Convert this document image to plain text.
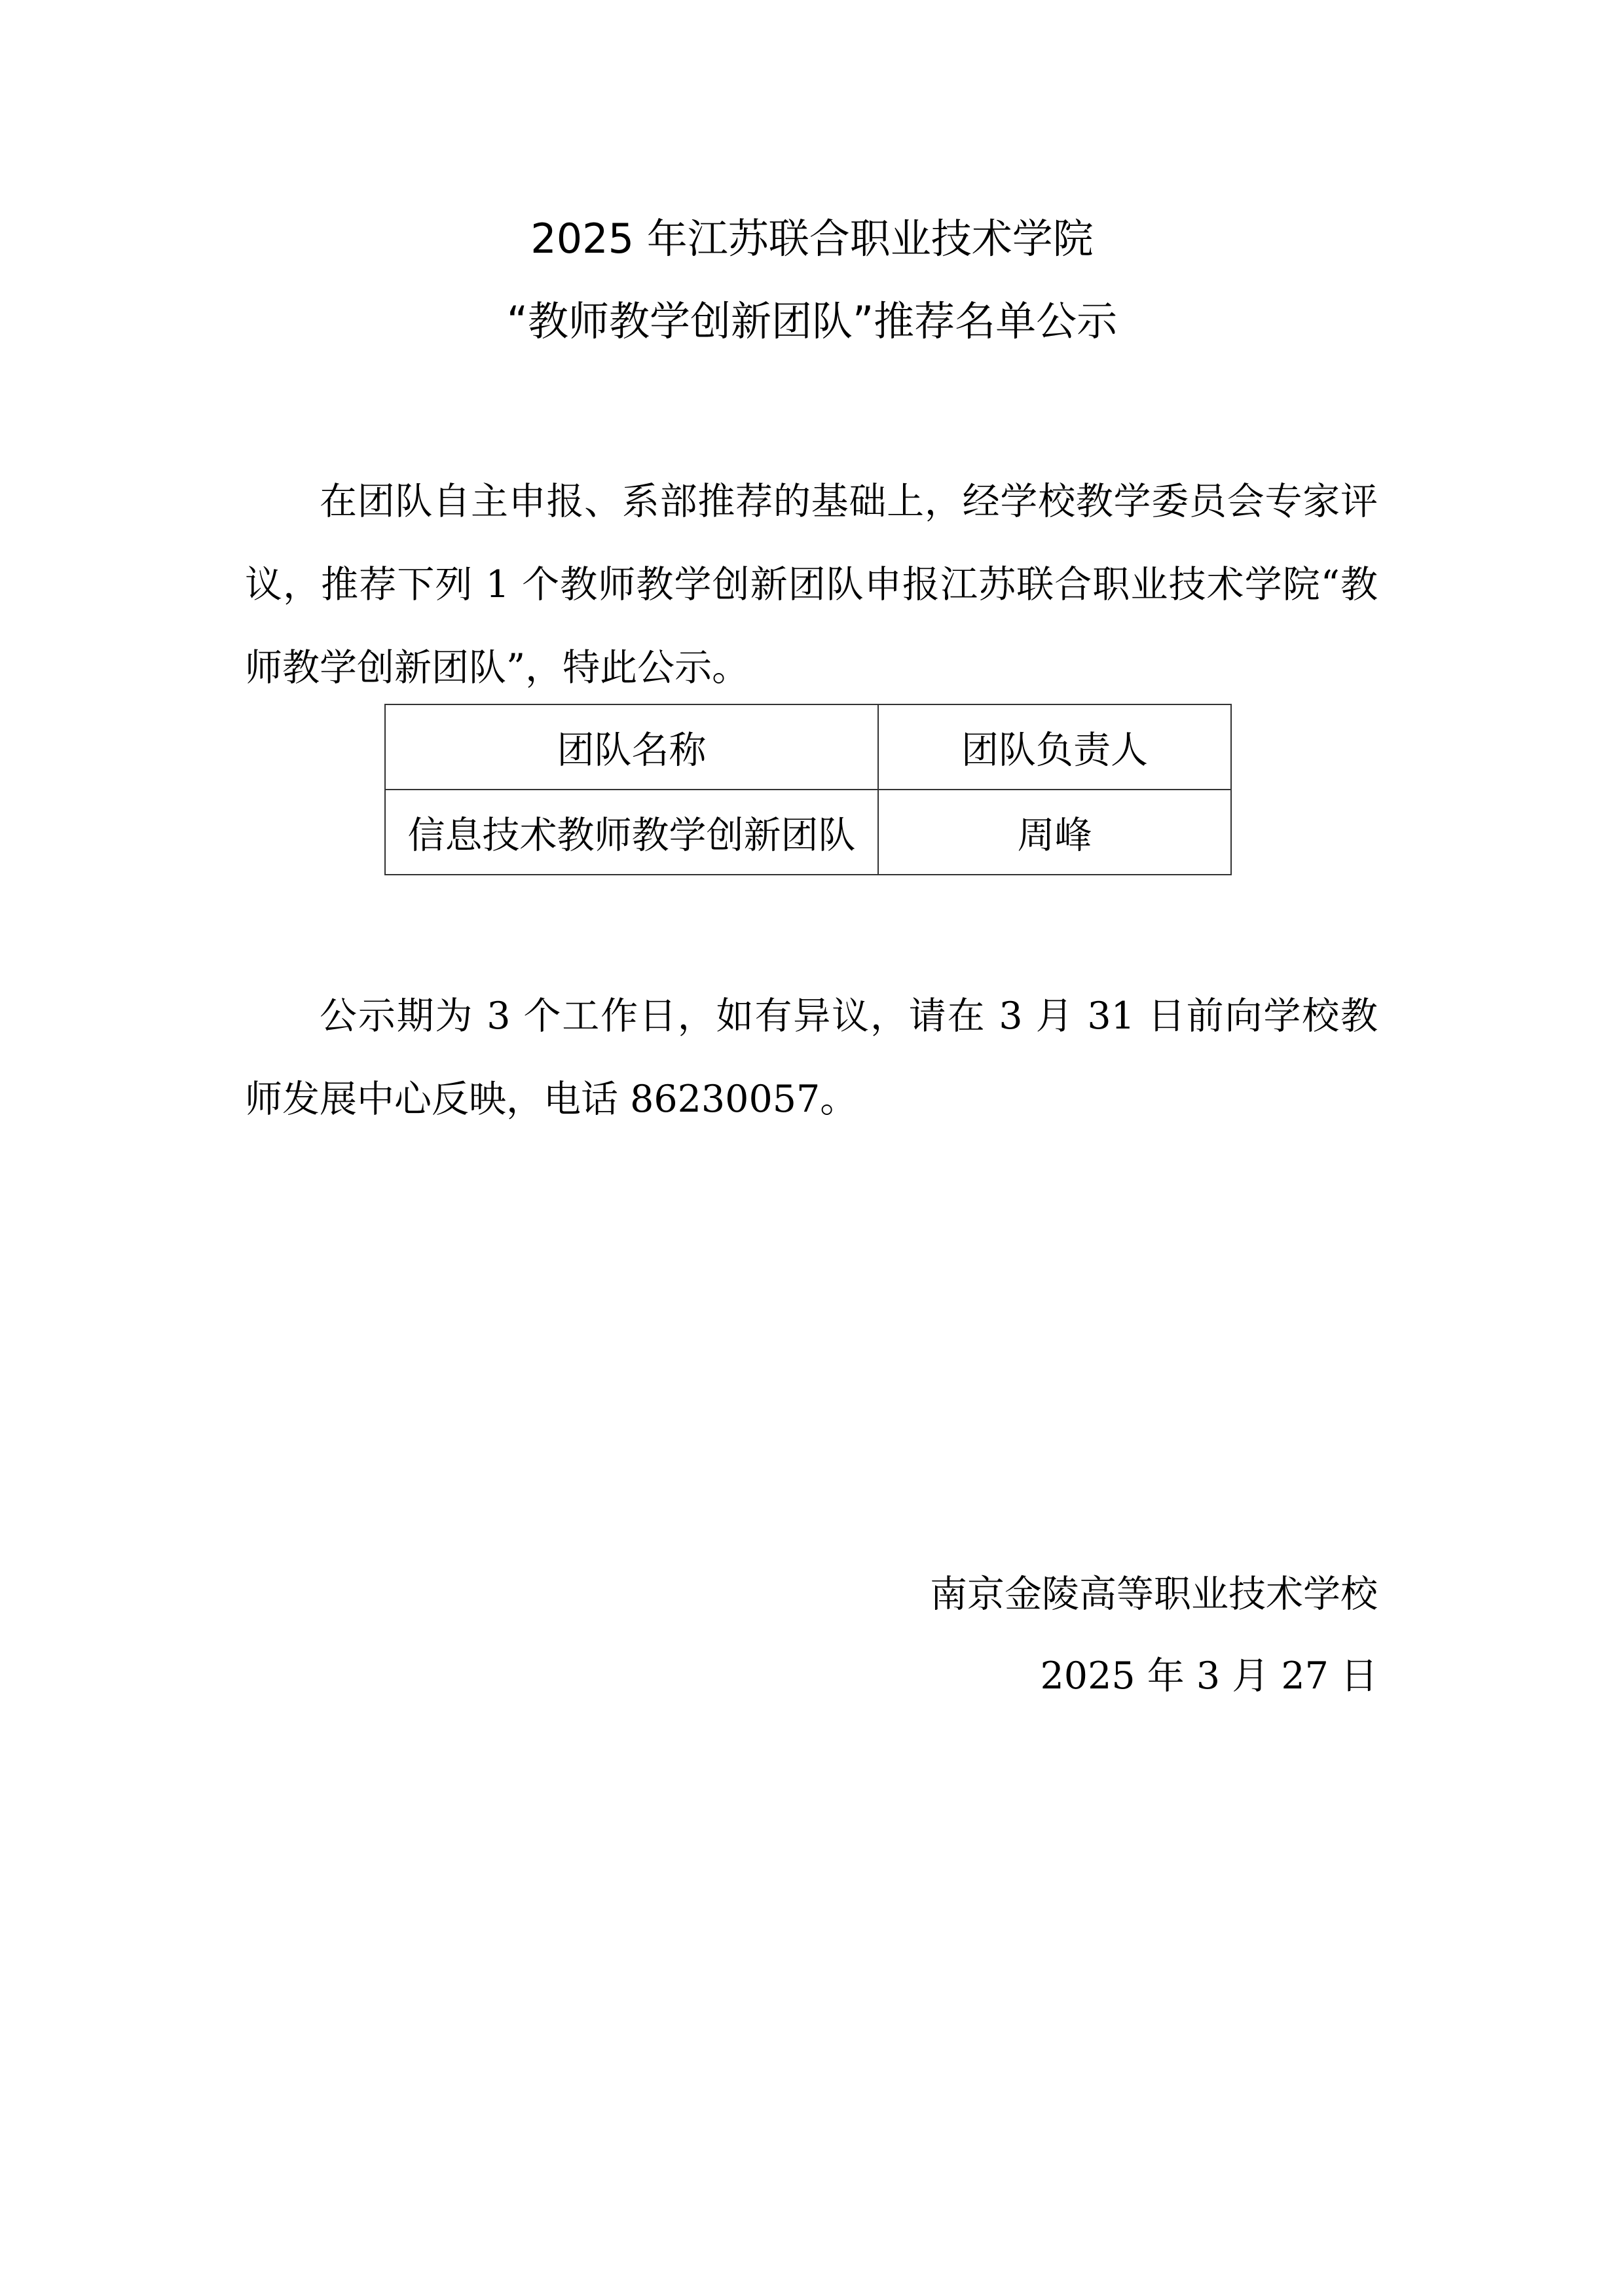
2025 年江苏联合职业技术学院
“教师教学创新团队”推荐名单公示

在团队自主申报、系部推荐的基础上，经学校教学委员会专家评议，推荐下列 1 个教师教学创新团队申报江苏联合职业技术学院“教师教学创新团队”，特此公示。

团队名称	团队负责人
信息技术教师教学创新团队	周峰

公示期为 3 个工作日，如有异议，请在 3 月 31 日前向学校教师发展中心反映，电话 86230057。

南京金陵高等职业技术学校

2025 年 3 月 27 日
